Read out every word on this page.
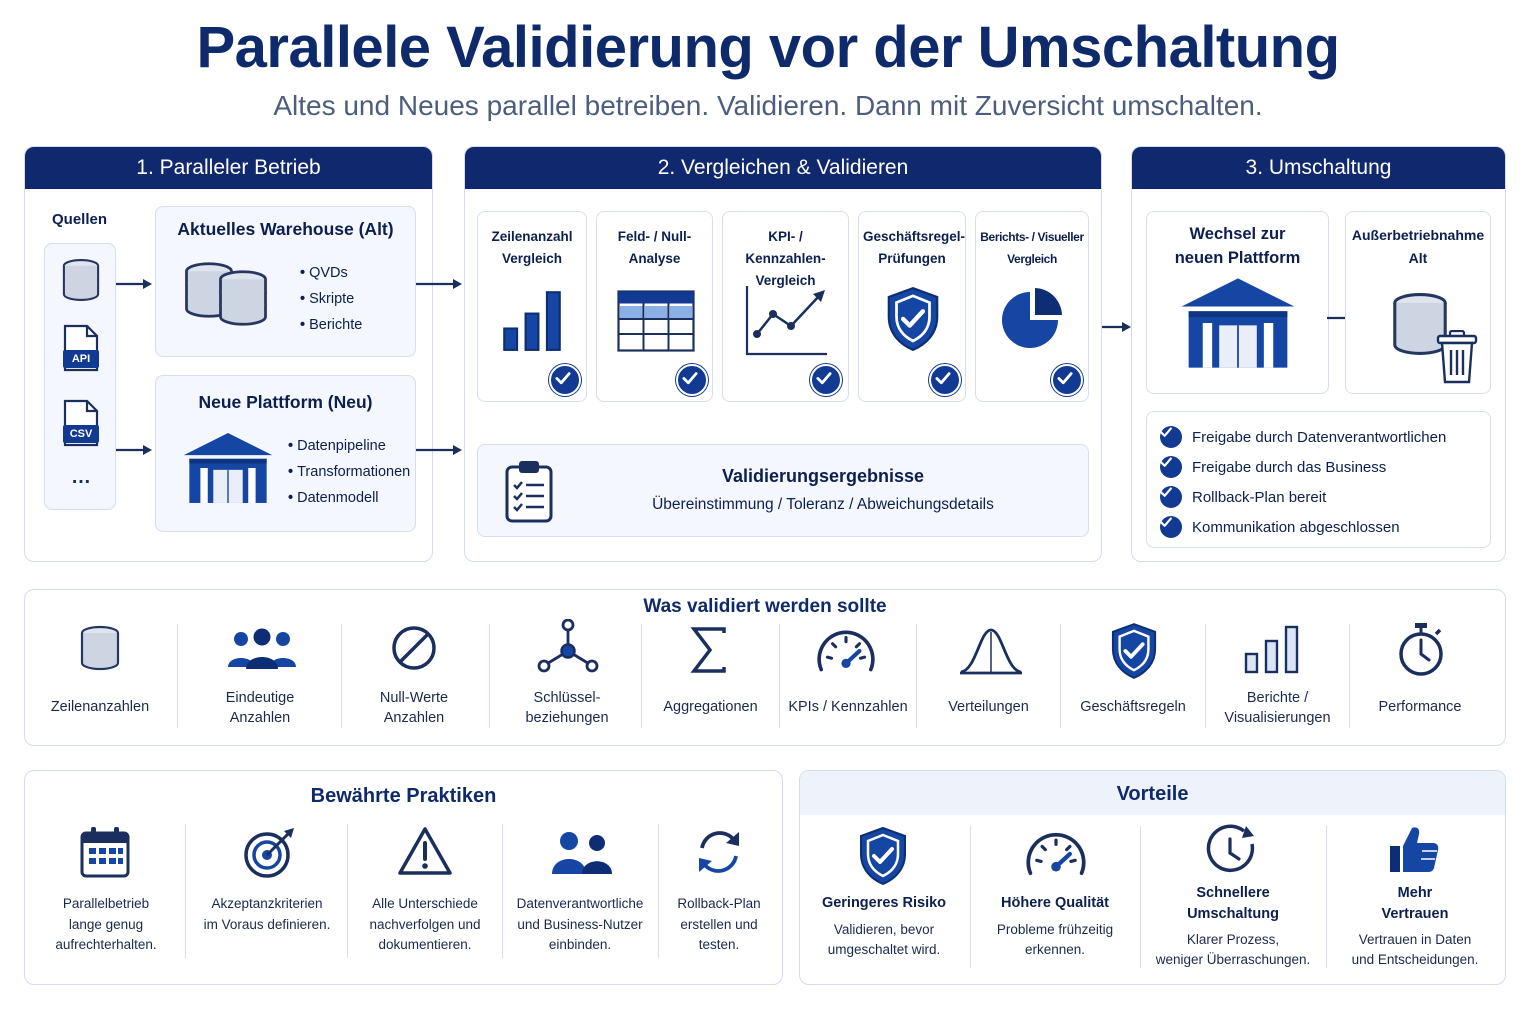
Parallele Validierung vor der Umschaltung
Altes und Neues parallel betreiben. Validieren. Dann mit Zuversicht umschalten.
1. Paralleler Betrieb
Quellen
API
CSV
…
Aktuelles Warehouse (Alt)
• QVDs
• Skripte
• Berichte
Neue Plattform (Neu)
• Datenpipeline
• Transformationen
• Datenmodell
2. Vergleichen & Validieren
Zeilenanzahl
Vergleich
Feld- / Null-
Analyse
KPI- / Kennzahlen-
Vergleich
Geschäftsregel-
Prüfungen
Berichts- / Visueller
Vergleich
Validierungsergebnisse
Übereinstimmung / Toleranz / Abweichungsdetails
3. Umschaltung
Wechsel zur
neuen Plattform
Außerbetriebnahme
Alt
Freigabe durch Datenverantwortlichen
Freigabe durch das Business
Rollback-Plan bereit
Kommunikation abgeschlossen
Was validiert werden sollte
Zeilenanzahlen
Eindeutige
Anzahlen
Null-Werte
Anzahlen
Schlüssel-
beziehungen
Aggregationen	KPIs / Kennzahlen	Verteilungen	Geschäftsregeln
Berichte /
Visualisierungen
Performance
Bewährte Praktiken
Parallelbetrieb
lange genug
aufrechterhalten.
Akzeptanzkriterien
im Voraus definieren.
Alle Unterschiede
nachverfolgen und
dokumentieren.
Datenverantwortliche
und Business-Nutzer
einbinden.
Rollback-Plan
erstellen und
testen.
Vorteile
Geringeres Risiko
Validieren, bevor
umgeschaltet wird.
Höhere Qualität
Probleme frühzeitig
erkennen.
Schnellere
Umschaltung
Klarer Prozess,
weniger Überraschungen.
Mehr
Vertrauen
Vertrauen in Daten
und Entscheidungen.
